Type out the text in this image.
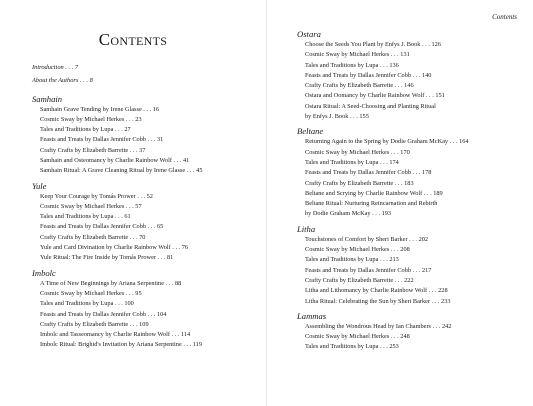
Contents
Introduction . . . 7
About the Authors . . . 8
Samhain
Samhain Grave Tending by Irene Glasse . . . 16
Cosmic Sway by Michael Herkes . . . 23
Tales and Traditions by Lupa . . . 27
Feasts and Treats by Dallas Jennifer Cobb . . . 31
Crafty Crafts by Elizabeth Barrette . . . 37
Samhain and Osteomancy by Charlie Rainbow Wolf . . . 41
Samhain Ritual: A Grave Cleaning Ritual by Irene Glasse . . . 45
Yule
Keep Your Courage by Tomás Prower . . . 52
Cosmic Sway by Michael Herkes . . . 57
Tales and Traditions by Lupa . . . 61
Feasts and Treats by Dallas Jennifer Cobb . . . 65
Crafty Crafts by Elizabeth Barrette . . . 70
Yule and Card Divination by Charlie Rainbow Wolf . . . 76
Yule Ritual: The Fire Inside by Tomás Prower . . . 81
Imbolc
A Time of New Beginnings by Ariana Serpentine . . . 88
Cosmic Sway by Michael Herkes . . . 95
Tales and Traditions by Lupa . . . 100
Feasts and Treats by Dallas Jennifer Cobb . . . 104
Crafty Crafts by Elizabeth Barrette . . . 109
Imbolc and Tasseomancy by Charlie Rainbow Wolf . . . 114
Imbolc Ritual: Brighid's Invitation by Ariana Serpentine . . . 119
Contents
Ostara
Choose the Seeds You Plant by Enfys J. Book . . . 126
Cosmic Sway by Michael Herkes . . . 131
Tales and Traditions by Lupa . . . 136
Feasts and Treats by Dallas Jennifer Cobb . . . 140
Crafty Crafts by Elizabeth Barrette . . . 146
Ostara and Oomancy by Charlie Rainbow Wolf . . . 151
Ostara Ritual: A Seed-Choosing and Planting Ritual
by Enfys J. Book . . . 155
Beltane
Returning Again to the Spring by Dodie Graham McKay . . . 164
Cosmic Sway by Michael Herkes . . . 170
Tales and Traditions by Lupa . . . 174
Feasts and Treats by Dallas Jennifer Cobb . . . 178
Crafty Crafts by Elizabeth Barrette . . . 183
Beltane and Scrying by Charlie Rainbow Wolf . . . 189
Beltane Ritual: Nurturing Reincarnation and Rebirth
by Dodie Graham McKay . . . 193
Litha
Touchstones of Comfort by Sheri Barker . . . 202
Cosmic Sway by Michael Herkes . . . 208
Tales and Traditions by Lupa . . . 213
Feasts and Treats by Dallas Jennifer Cobb . . . 217
Crafty Crafts by Elizabeth Barrette . . . 222
Litha and Lithomancy by Charlie Rainbow Wolf . . . 228
Litha Ritual: Celebrating the Sun by Sheri Barker . . . 233
Lammas
Assembling the Wondrous Head by Ian Chambers . . . 242
Cosmic Sway by Michael Herkes . . . 248
Tales and Traditions by Lupa . . . 253
